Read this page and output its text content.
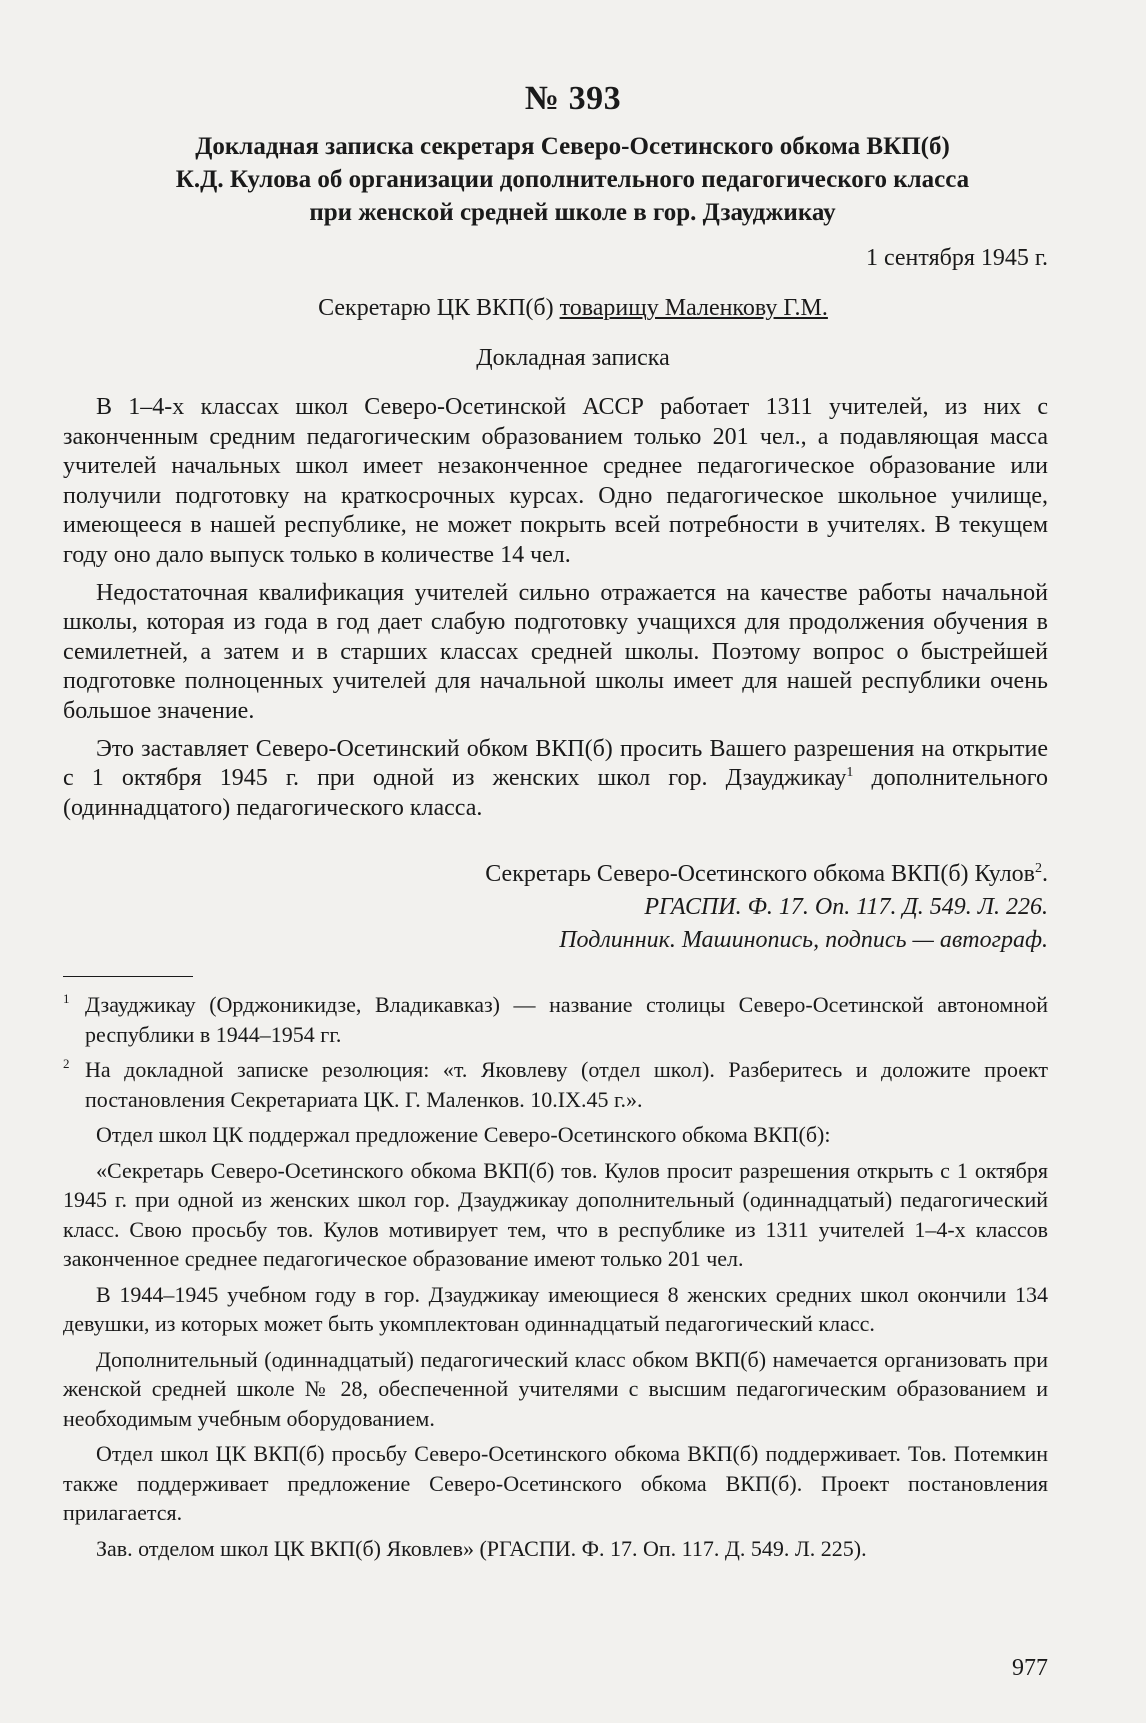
№ 393
Докладная записка секретаря Северо-Осетинского обкома ВКП(б)
К.Д. Кулова об организации дополнительного педагогического класса
при женской средней школе в гор. Дзауджикау
1 сентября 1945 г.
Секретарю ЦК ВКП(б) товарищу Маленкову Г.М.
Докладная записка

В 1–4-х классах школ Северо-Осетинской АССР работает 1311 учителей, из них с законченным средним педагогическим образованием только 201 чел., а подавляющая масса учителей начальных школ имеет незаконченное среднее педагогическое образование или получили подготовку на краткосрочных курсах. Одно педагогическое школьное училище, имеющееся в нашей республике, не может покрыть всей потребности в учителях. В текущем году оно дало выпуск только в количестве 14 чел.

Недостаточная квалификация учителей сильно отражается на качестве работы начальной школы, которая из года в год дает слабую подготовку учащихся для продолжения обучения в семилетней, а затем и в старших классах средней школы. Поэтому вопрос о быстрейшей подготовке полноценных учителей для начальной школы имеет для нашей республики очень большое значение.

Это заставляет Северо-Осетинский обком ВКП(б) просить Вашего разрешения на открытие с 1 октября 1945 г. при одной из женских школ гор. Дзауджикау$^1$ дополнительного (одиннадцатого) педагогического класса.

Секретарь Северо-Осетинского обкома ВКП(б) Кулов$^2$.
РГАСПИ. Ф. 17. Оп. 117. Д. 549. Л. 226.
Подлинник. Машинопись, подпись — автограф.

1 Дзауджикау (Орджоникидзе, Владикавказ) — название столицы Северо-Осетинской автономной республики в 1944–1954 гг.

2 На докладной записке резолюция: «т. Яковлеву (отдел школ). Разберитесь и доложите проект постановления Секретариата ЦК. Г. Маленков. 10.IX.45 г.».

Отдел школ ЦК поддержал предложение Северо-Осетинского обкома ВКП(б):

«Секретарь Северо-Осетинского обкома ВКП(б) тов. Кулов просит разрешения открыть с 1 октября 1945 г. при одной из женских школ гор. Дзауджикау дополнительный (одиннадцатый) педагогический класс. Свою просьбу тов. Кулов мотивирует тем, что в республике из 1311 учителей 1–4-х классов законченное среднее педагогическое образование имеют только 201 чел.

В 1944–1945 учебном году в гор. Дзауджикау имеющиеся 8 женских средних школ окончили 134 девушки, из которых может быть укомплектован одиннадцатый педагогический класс.

Дополнительный (одиннадцатый) педагогический класс обком ВКП(б) намечается организовать при женской средней школе № 28, обеспеченной учителями с высшим педагогическим образованием и необходимым учебным оборудованием.

Отдел школ ЦК ВКП(б) просьбу Северо-Осетинского обкома ВКП(б) поддерживает. Тов. Потемкин также поддерживает предложение Северо-Осетинского обкома ВКП(б). Проект постановления прилагается.

Зав. отделом школ ЦК ВКП(б) Яковлев» (РГАСПИ. Ф. 17. Оп. 117. Д. 549. Л. 225).

977
